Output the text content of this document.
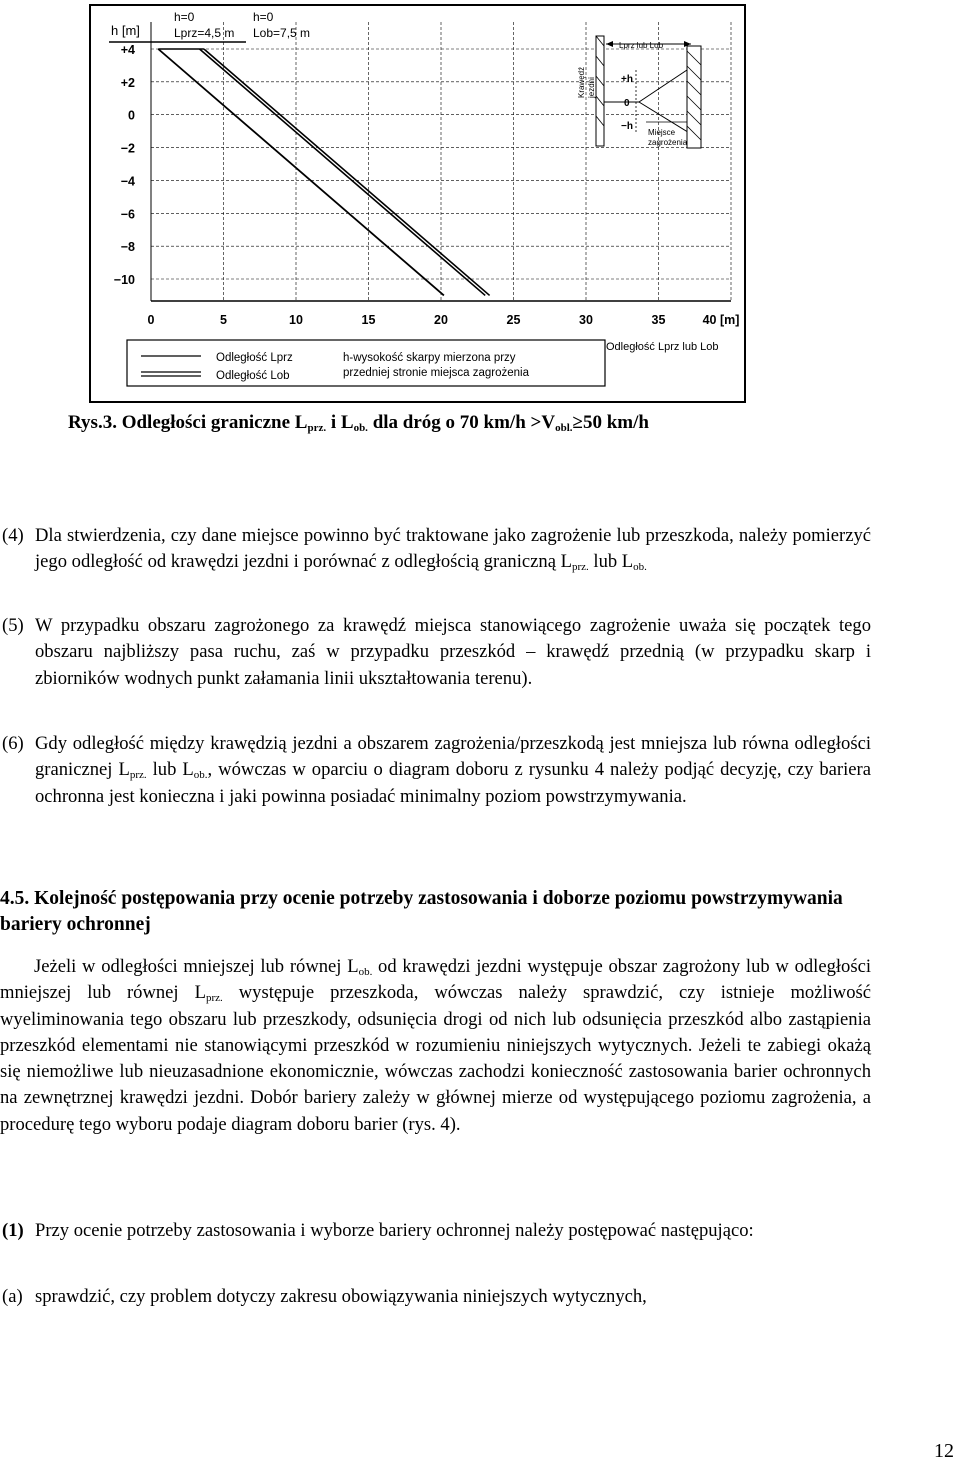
h [m]
h=0
Lprz=4,5 m
h=0
Lob=7,5 m
+4
+2
0
−2
−4
−6
−8
−10
0	5	10	15	20	25	30	35	40 [m]
Odległość Lprz
Odległość Lob
h-wysokość skarpy mierzona przy
przedniej stronie miejsca zagrożenia
Lprz lub Lob
Krawędź jezdni	+h
0
−h
Miejsce
zagrożenia
Odległość Lprz lub Lob
Rys.3. Odległości graniczne $L_{prz.}$ i $L_{ob.}$ dla dróg o 70 $km/h >V_{obl.}\ge 50$ km/h

(4) Dla stwierdzenia, czy dane miejsce powinno być traktowane jako zagrożenie lub przeszkoda, należy pomierzyć jego odległość od krawędzi jezdni i porównać z odległością graniczną $L_{prz.}$ lub $L_{ob.}$

(5) W przypadku obszaru zagrożonego za krawędź miejsca stanowiącego zagrożenie uważa się początek tego obszaru najbliższy pasa ruchu, zaś w przypadku przeszkód – krawędź przednią (w przypadku skarp i zbiorników wodnych punkt załamania linii ukształtowania terenu).

(6) Gdy odległość między krawędzią jezdni a obszarem zagrożenia/przeszkodą jest mniejsza lub równa odległości granicznej $L_{prz.}$ lub $L_{ob.}$, wówczas w oparciu o diagram doboru z rysunku 4 należy podjąć decyzję, czy bariera ochronna jest konieczna i jaki powinna posiadać minimalny poziom powstrzymywania.

4.5. Kolejność postępowania przy ocenie potrzeby zastosowania i doborze poziomu powstrzymywania bariery ochronnej

Jeżeli w odległości mniejszej lub równej $L_{ob.}$ od krawędzi jezdni występuje obszar zagrożony lub w odległości mniejszej lub równej $L_{prz.}$ występuje przeszkoda, wówczas należy sprawdzić, czy istnieje możliwość wyeliminowania tego obszaru lub przeszkody, odsunięcia drogi od nich lub odsunięcia przeszkód albo zastąpienia przeszkód elementami nie stanowiącymi przeszkód w rozumieniu niniejszych wytycznych. Jeżeli te zabiegi okażą się niemożliwe lub nieuzasadnione ekonomicznie, wówczas zachodzi konieczność zastosowania barier ochronnych na zewnętrznej krawędzi jezdni. Dobór bariery zależy w głównej mierze od występującego poziomu zagrożenia, a procedurę tego wyboru podaje diagram doboru barier (rys. 4).

(1) Przy ocenie potrzeby zastosowania i wyborze bariery ochronnej należy postępować następująco:

(a) sprawdzić, czy problem dotyczy zakresu obowiązywania niniejszych wytycznych,

12
